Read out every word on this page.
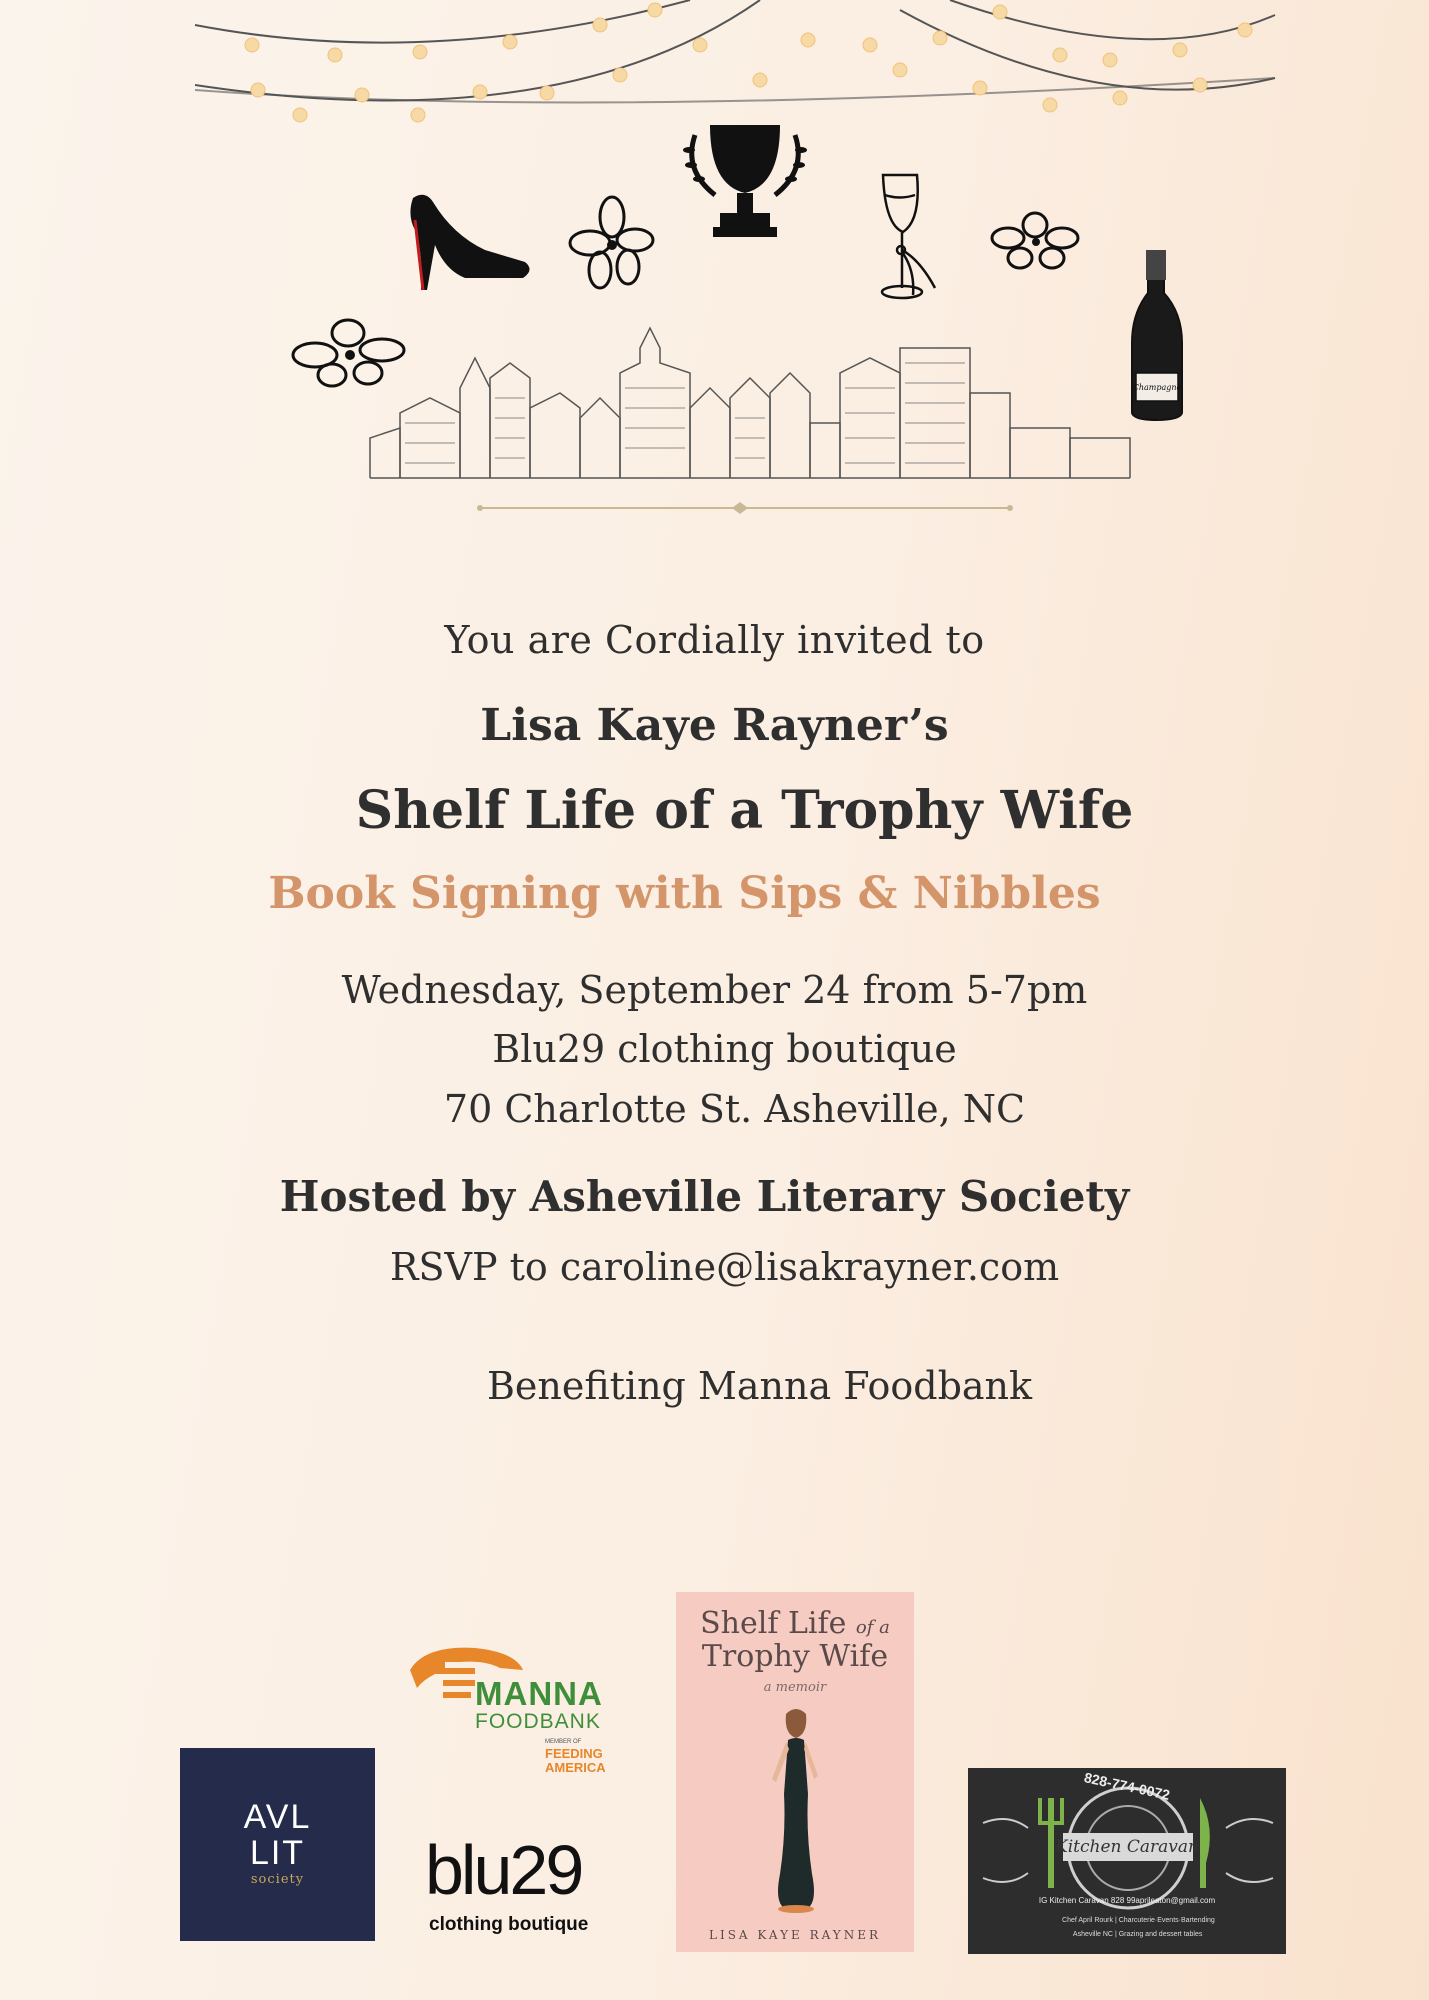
Champagne
You are Cordially invited to
Lisa Kaye Rayner’s
Shelf Life of a Trophy Wife
Book Signing with Sips & Nibbles
Wednesday, September 24 from 5-7pm
Blu29 clothing boutique
70 Charlotte St. Asheville, NC
Hosted by Asheville Literary Society
RSVP to caroline@lisakrayner.com
Benefiting Manna Foodbank
MANNA
FOODBANK
MEMBER OF
FEEDING
AMERICA
AVL
LIT
society	blu29
clothing boutique
Shelf Life of a
Trophy Wife
a memoir
LISA KAYE RAYNER
828-774-0072
Kitchen Caravan
IG Kitchen Caravan 828 99aprileaton@gmail.com
Chef April Rourk | Charcuterie·Events·Bartending
Asheville NC | Grazing and dessert tables
